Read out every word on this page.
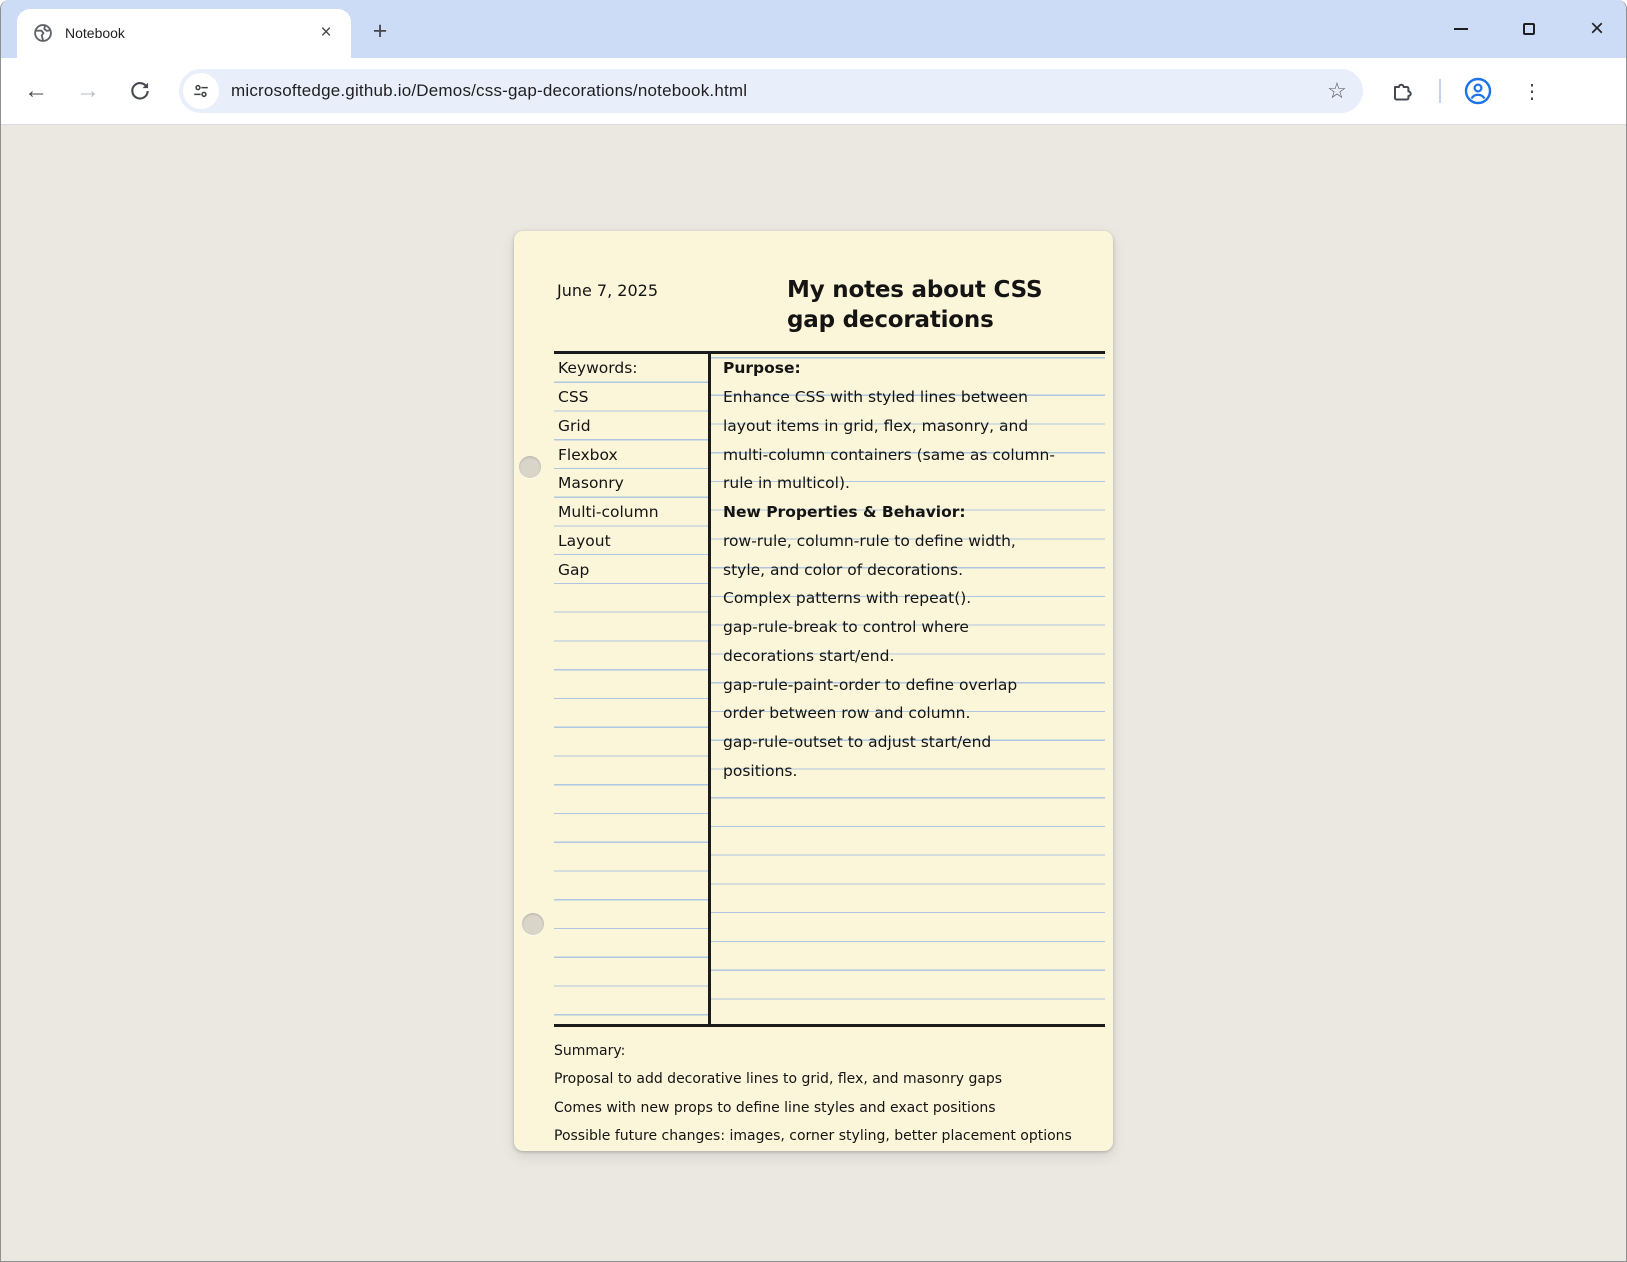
Notebook	×	+	×
←	→	microsoftedge.github.io/Demos/css-gap-decorations/notebook.html	☆	⋮
June 7, 2025	My notes about CSS gap decorations
Keywords:
CSS
Grid
Flexbox
Masonry
Multi-column
Layout
Gap
Purpose:
Enhance CSS with styled lines between
layout items in grid, flex, masonry, and
multi-column containers (same as column-
rule in multicol).
New Properties & Behavior:
row-rule, column-rule to define width,
style, and color of decorations.
Complex patterns with repeat().
gap-rule-break to control where
decorations start/end.
gap-rule-paint-order to define overlap
order between row and column.
gap-rule-outset to adjust start/end
positions.
Summary:
Proposal to add decorative lines to grid, flex, and masonry gaps
Comes with new props to define line styles and exact positions
Possible future changes: images, corner styling, better placement options
